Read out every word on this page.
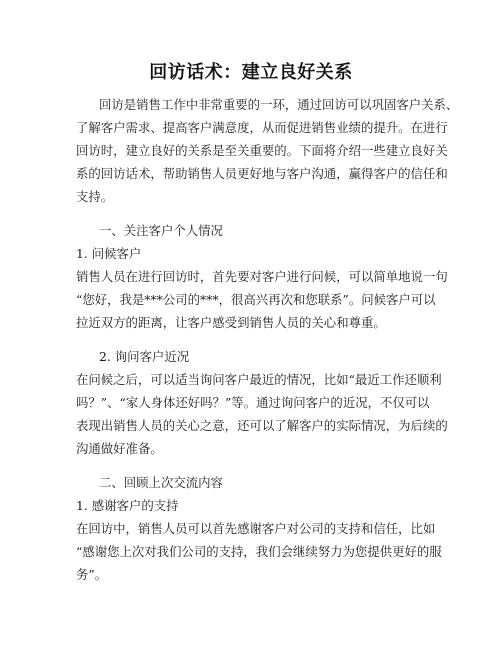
回访话术：建立良好关系
回访是销售工作中非常重要的一环，通过回访可以巩固客户关系、
了解客户需求、提高客户满意度，从而促进销售业绩的提升。在进行
回访时，建立良好的关系是至关重要的。下面将介绍一些建立良好关
系的回访话术，帮助销售人员更好地与客户沟通，赢得客户的信任和
支持。
一、关注客户个人情况
1. 问候客户
销售人员在进行回访时，首先要对客户进行问候，可以简单地说一句
“您好，我是***公司的***，很高兴再次和您联系”。问候客户可以
拉近双方的距离，让客户感受到销售人员的关心和尊重。
2. 询问客户近况
在问候之后，可以适当询问客户最近的情况，比如“最近工作还顺利
吗？”、“家人身体还好吗？”等。通过询问客户的近况，不仅可以
表现出销售人员的关心之意，还可以了解客户的实际情况，为后续的
沟通做好准备。
二、回顾上次交流内容
1. 感谢客户的支持
在回访中，销售人员可以首先感谢客户对公司的支持和信任，比如
“感谢您上次对我们公司的支持，我们会继续努力为您提供更好的服
务”。
